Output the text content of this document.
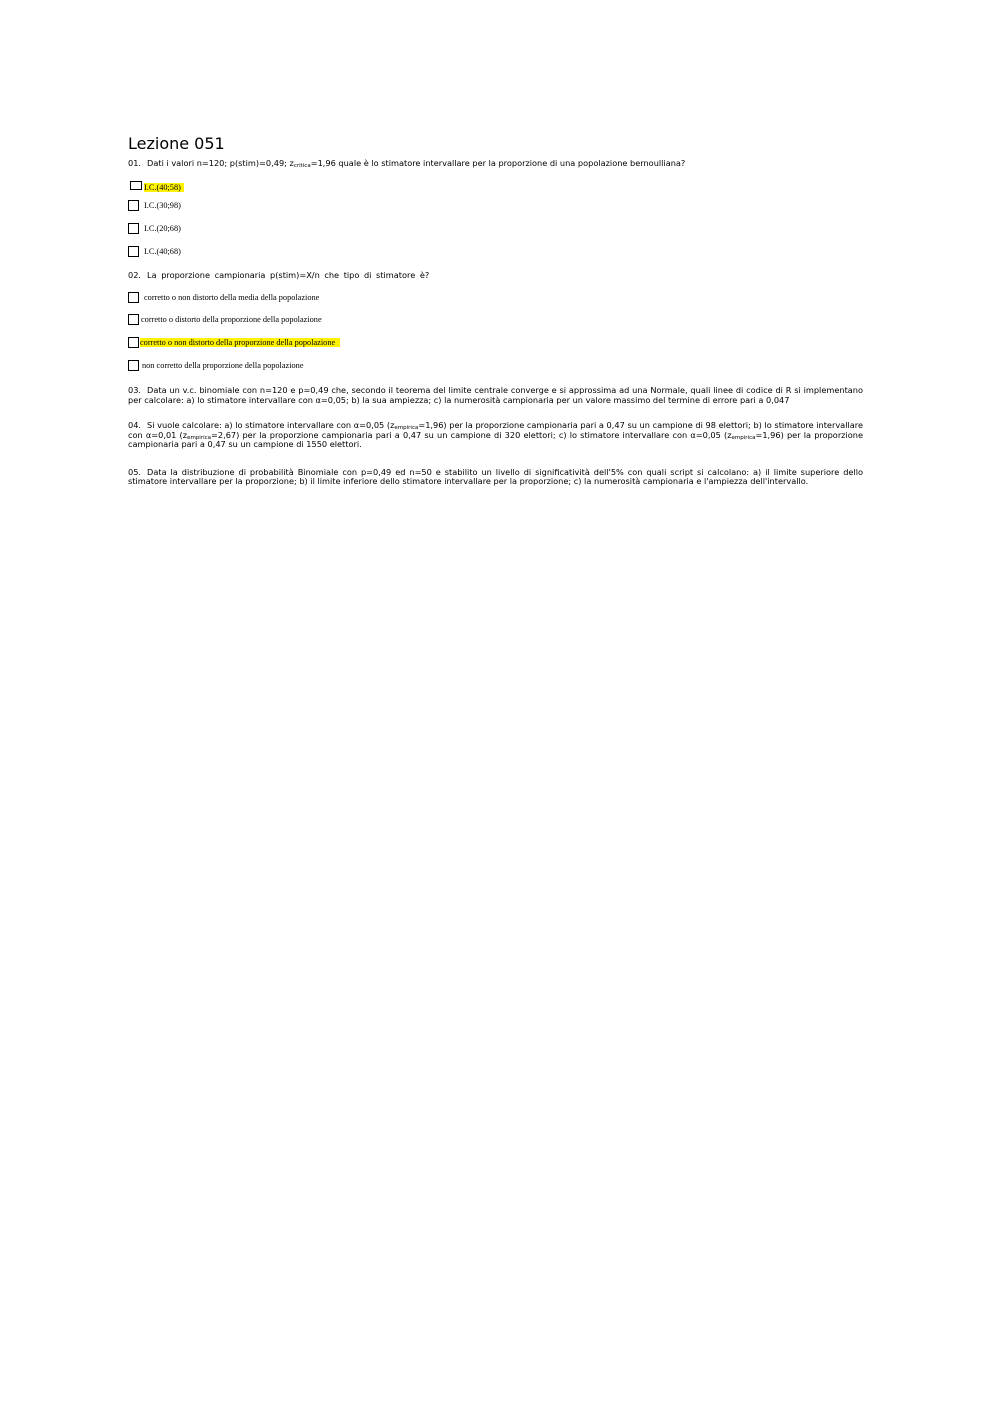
Lezione 051
01. Dati i valori n=120; p(stim)=0,49; $z_{critica}=1,96$ quale è lo stimatore intervallare per la proporzione di una popolazione bernoulliana?
I.C.(40;58)
I.C.(30;98)
I.C.(20;68)
I.C.(40;68)
02. La proporzione campionaria p(stim)=X/n che tipo di stimatore è?
corretto o non distorto della media della popolazione
corretto o distorto della proporzione della popolazione
corretto o non distorto della proporzione della popolazione
non corretto della proporzione della popolazione
03. Data un v.c. binomiale con n=120 e p=0,49 che, secondo il teorema del limite centrale converge e si approssima ad una Normale, quali linee di codice di R si implementano per calcolare: a) lo stimatore intervallare con α=0,05; b) la sua ampiezza; c) la numerosità campionaria per un valore massimo del termine di errore pari a 0,047
04. Si vuole calcolare: a) lo stimatore intervallare con α=0,05 $(z_{empirica}=1,96)$ per la proporzione campionaria pari a 0,47 su un campione di 98 elettori; b) lo stimatore intervallare con α=0,01 $(z_{empirica}=2,67)$ per la proporzione campionaria pari a 0,47 su un campione di 320 elettori; c) lo stimatore intervallare con α=0,05 $(z_{empirica}=1,96)$ per la proporzione campionaria pari a 0,47 su un campione di 1550 elettori.
05. Data la distribuzione di probabilità Binomiale con p=0,49 ed n=50 e stabilito un livello di significatività dell'5% con quali script si calcolano: a) il limite superiore dello stimatore intervallare per la proporzione; b) il limite inferiore dello stimatore intervallare per la proporzione; c) la numerosità campionaria e l'ampiezza dell'intervallo.
